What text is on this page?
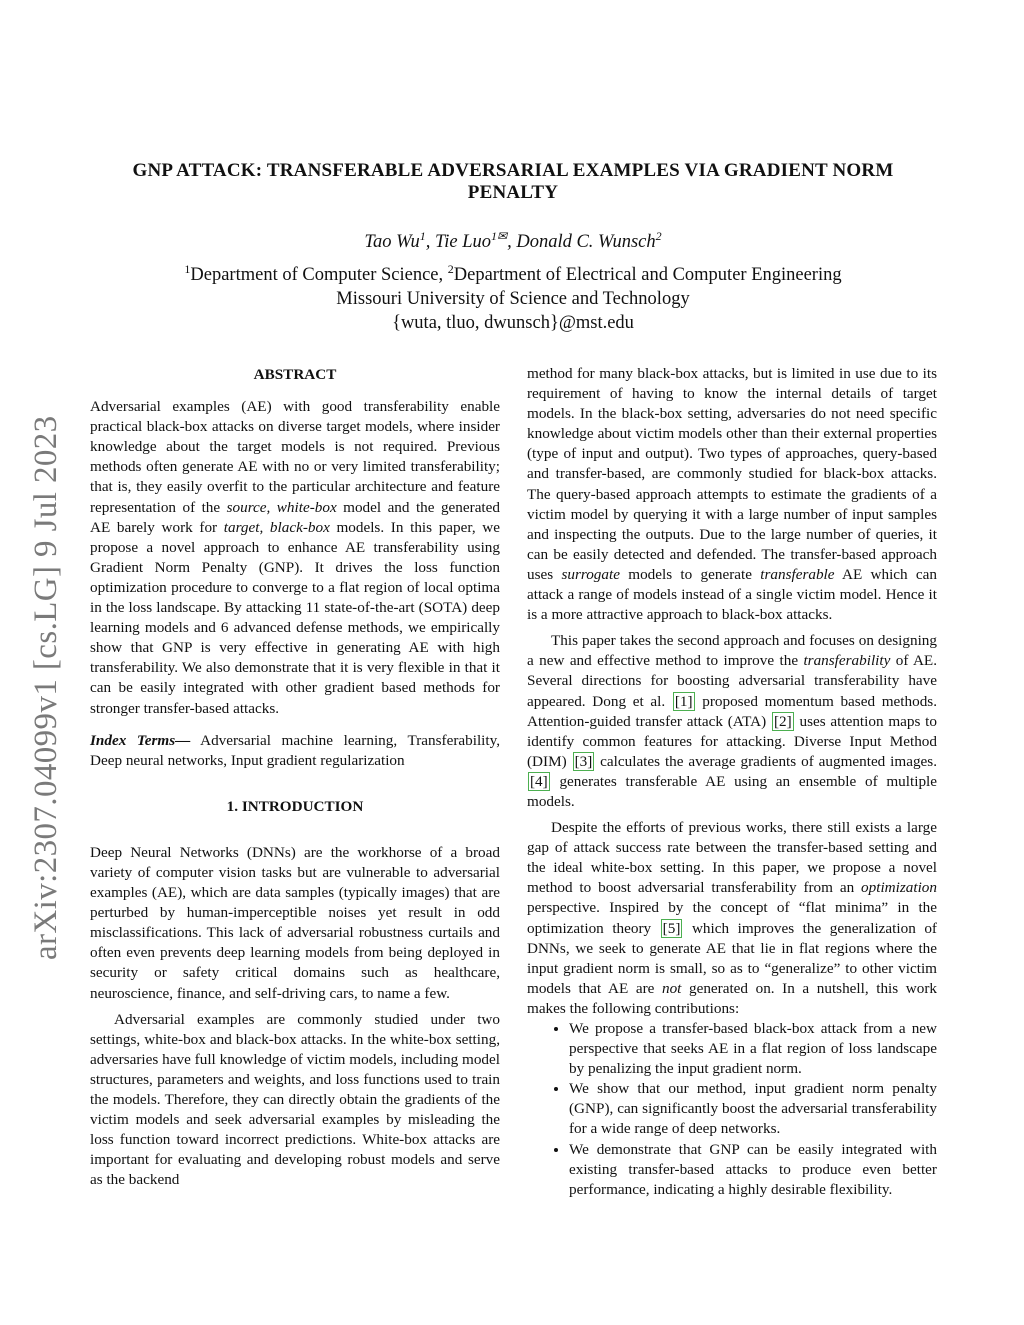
arXiv:2307.04099v1 [cs.LG] 9 Jul 2023
GNP ATTACK: TRANSFERABLE ADVERSARIAL EXAMPLES VIA GRADIENT NORM
PENALTY
Tao Wu$^1$, Tie Luo$^{1✉}$, Donald C. Wunsch$^2$
$^1$Department of Computer Science, $^2$Department of Electrical and Computer Engineering
Missouri University of Science and Technology
{wuta, tluo, dwunsch}@mst.edu
ABSTRACT

Adversarial examples (AE) with good transferability enable practical black-box attacks on diverse target models, where insider knowledge about the target models is not required. Previous methods often generate AE with no or very limited transferability; that is, they easily overfit to the particular architecture and feature representation of the source, white-box model and the generated AE barely work for target, black-box models. In this paper, we propose a novel approach to enhance AE transferability using Gradient Norm Penalty (GNP). It drives the loss function optimization procedure to converge to a flat region of local optima in the loss landscape. By attacking 11 state-of-the-art (SOTA) deep learning models and 6 advanced defense methods, we empirically show that GNP is very effective in generating AE with high transferability. We also demonstrate that it is very flexible in that it can be easily integrated with other gradient based methods for stronger transfer-based attacks.

Index Terms— Adversarial machine learning, Transferability, Deep neural networks, Input gradient regularization

1. INTRODUCTION

Deep Neural Networks (DNNs) are the workhorse of a broad variety of computer vision tasks but are vulnerable to adversarial examples (AE), which are data samples (typically images) that are perturbed by human-imperceptible noises yet result in odd misclassifications. This lack of adversarial robustness curtails and often even prevents deep learning models from being deployed in security or safety critical domains such as healthcare, neuroscience, finance, and self-driving cars, to name a few.

Adversarial examples are commonly studied under two settings, white-box and black-box attacks. In the white-box setting, adversaries have full knowledge of victim models, including model structures, parameters and weights, and loss functions used to train the models. Therefore, they can directly obtain the gradients of the victim models and seek adversarial examples by misleading the loss function toward incorrect predictions. White-box attacks are important for evaluating and developing robust models and serve as the backend

method for many black-box attacks, but is limited in use due to its requirement of having to know the internal details of target models. In the black-box setting, adversaries do not need specific knowledge about victim models other than their external properties (type of input and output). Two types of approaches, query-based and transfer-based, are commonly studied for black-box attacks. The query-based approach attempts to estimate the gradients of a victim model by querying it with a large number of input samples and inspecting the outputs. Due to the large number of queries, it can be easily detected and defended. The transfer-based approach uses surrogate models to generate transferable AE which can attack a range of models instead of a single victim model. Hence it is a more attractive approach to black-box attacks.

This paper takes the second approach and focuses on designing a new and effective method to improve the transferability of AE. Several directions for boosting adversarial transferability have appeared. Dong et al. [1] proposed momentum based methods. Attention-guided transfer attack (ATA) [2] uses attention maps to identify common features for attacking. Diverse Input Method (DIM) [3] calculates the average gradients of augmented images. [4] generates transferable AE using an ensemble of multiple models.

Despite the efforts of previous works, there still exists a large gap of attack success rate between the transfer-based setting and the ideal white-box setting. In this paper, we propose a novel method to boost adversarial transferability from an optimization perspective. Inspired by the concept of “flat minima” in the optimization theory [5] which improves the generalization of DNNs, we seek to generate AE that lie in flat regions where the input gradient norm is small, so as to “generalize” to other victim models that AE are not generated on. In a nutshell, this work makes the following contributions:

• We propose a transfer-based black-box attack from a new perspective that seeks AE in a flat region of loss landscape by penalizing the input gradient norm.
• We show that our method, input gradient norm penalty (GNP), can significantly boost the adversarial transferability for a wide range of deep networks.
• We demonstrate that GNP can be easily integrated with existing transfer-based attacks to produce even better performance, indicating a highly desirable flexibility.
